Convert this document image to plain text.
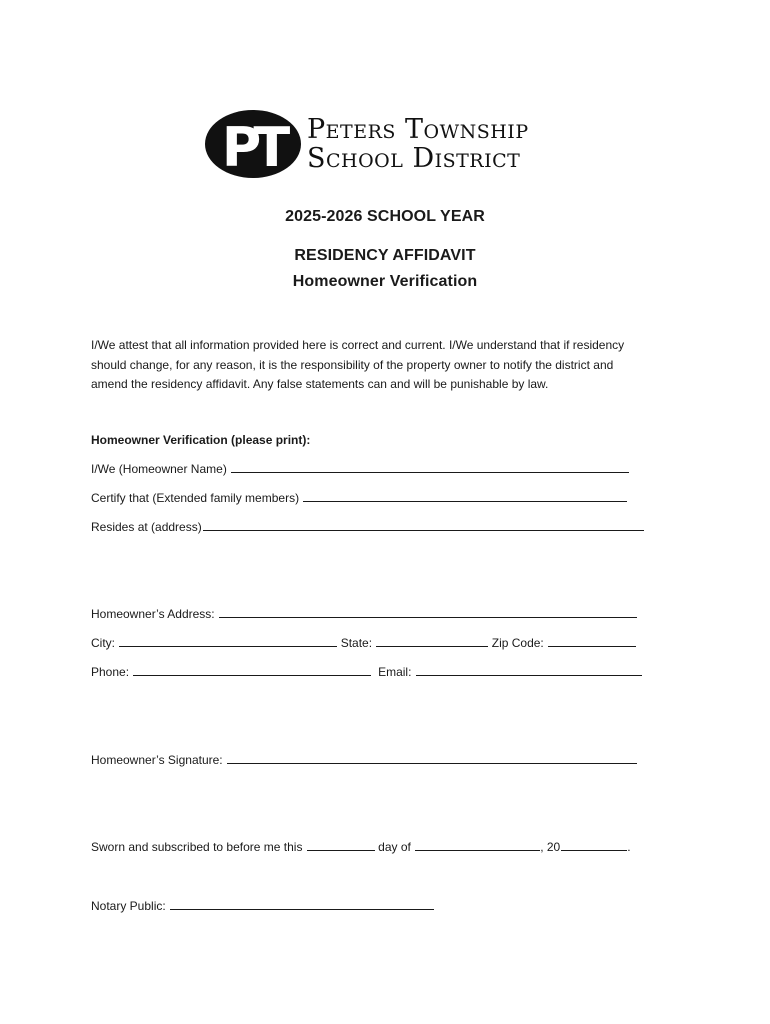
PT Peters Township
School District
2025-2026 SCHOOL YEAR
RESIDENCY AFFIDAVIT
Homeowner Verification

I/We attest that all information provided here is correct and current. I/We understand that if residency

should change, for any reason, it is the responsibility of the property owner to notify the district and

amend the residency affidavit. Any false statements can and will be punishable by law.

Homeowner Verification (please print):
I/We (Homeowner Name)
Certify that (Extended family members)
Resides at (address)
Homeowner’s Address:
City:	State:	Zip Code:
Phone:	Email:
Homeowner’s Signature:
Sworn and subscribed to before me this	day of	, 20	.
Notary Public:
